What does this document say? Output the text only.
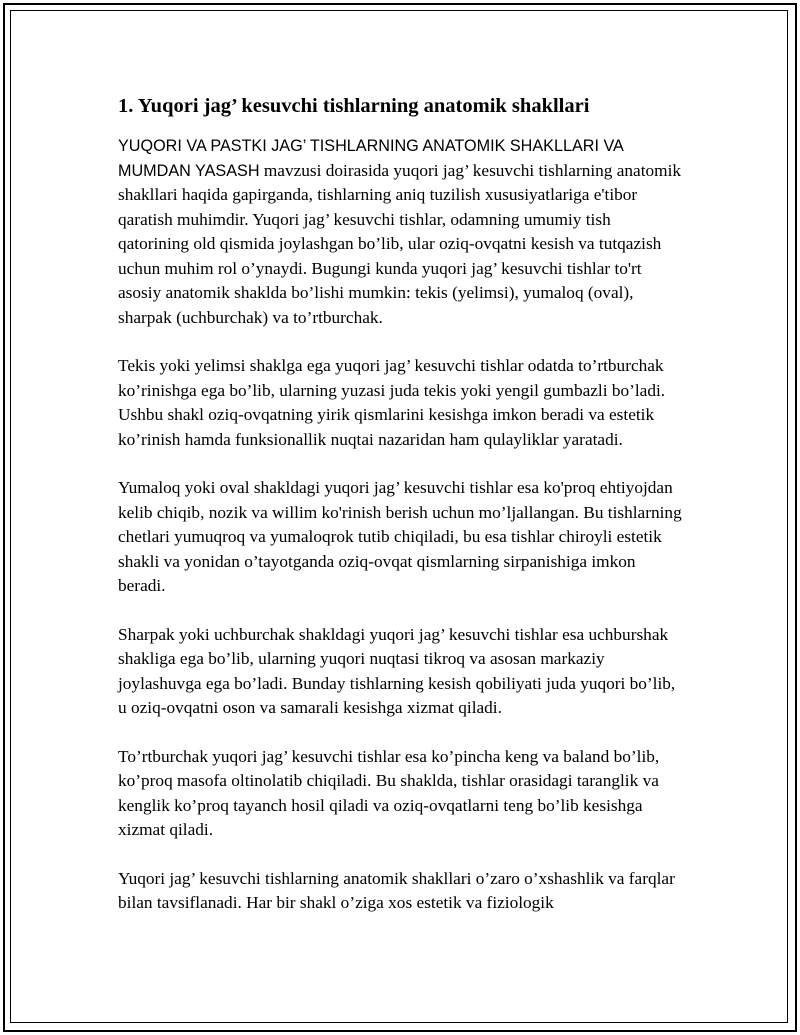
1. Yuqori jag’ kesuvchi tishlarning anatomik shakllari

YUQORI VA PASTKI JAG’ TISHLARNING ANATOMIK SHAKLLARI VA MUMDAN YASASH mavzusi doirasida yuqori jag’ kesuvchi tishlarning anatomik shakllari haqida gapirganda, tishlarning aniq tuzilish xususiyatlariga e'tibor qaratish muhimdir. Yuqori jag’ kesuvchi tishlar, odamning umumiy tish qatorining old qismida joylashgan bo’lib, ular oziq-ovqatni kesish va tutqazish uchun muhim rol o’ynaydi. Bugungi kunda yuqori jag’ kesuvchi tishlar to'rt asosiy anatomik shaklda bo’lishi mumkin: tekis (yelimsi), yumaloq (oval), sharpak (uchburchak) va to’rtburchak.

Tekis yoki yelimsi shaklga ega yuqori jag’ kesuvchi tishlar odatda to’rtburchak ko’rinishga ega bo’lib, ularning yuzasi juda tekis yoki yengil gumbazli bo’ladi. Ushbu shakl oziq-ovqatning yirik qismlarini kesishga imkon beradi va estetik ko’rinish hamda funksionallik nuqtai nazaridan ham qulayliklar yaratadi.

Yumaloq yoki oval shakldagi yuqori jag’ kesuvchi tishlar esa ko'proq ehtiyojdan kelib chiqib, nozik va willim ko'rinish berish uchun mo’ljallangan. Bu tishlarning chetlari yumuqroq va yumaloqrok tutib chiqiladi, bu esa tishlar chiroyli estetik shakli va yonidan o’tayotganda oziq-ovqat qismlarning sirpanishiga imkon beradi.

Sharpak yoki uchburchak shakldagi yuqori jag’ kesuvchi tishlar esa uchburshak shakliga ega bo’lib, ularning yuqori nuqtasi tikroq va asosan markaziy joylashuvga ega bo’ladi. Bunday tishlarning kesish qobiliyati juda yuqori bo’lib, u oziq-ovqatni oson va samarali kesishga xizmat qiladi.

To’rtburchak yuqori jag’ kesuvchi tishlar esa ko’pincha keng va baland bo’lib, ko’proq masofa oltinolatib chiqiladi. Bu shaklda, tishlar orasidagi taranglik va kenglik ko’proq tayanch hosil qiladi va oziq-ovqatlarni teng bo’lib kesishga xizmat qiladi.

Yuqori jag’ kesuvchi tishlarning anatomik shakllari o’zaro o’xshashlik va farqlar bilan tavsiflanadi. Har bir shakl o’ziga xos estetik va fiziologik
